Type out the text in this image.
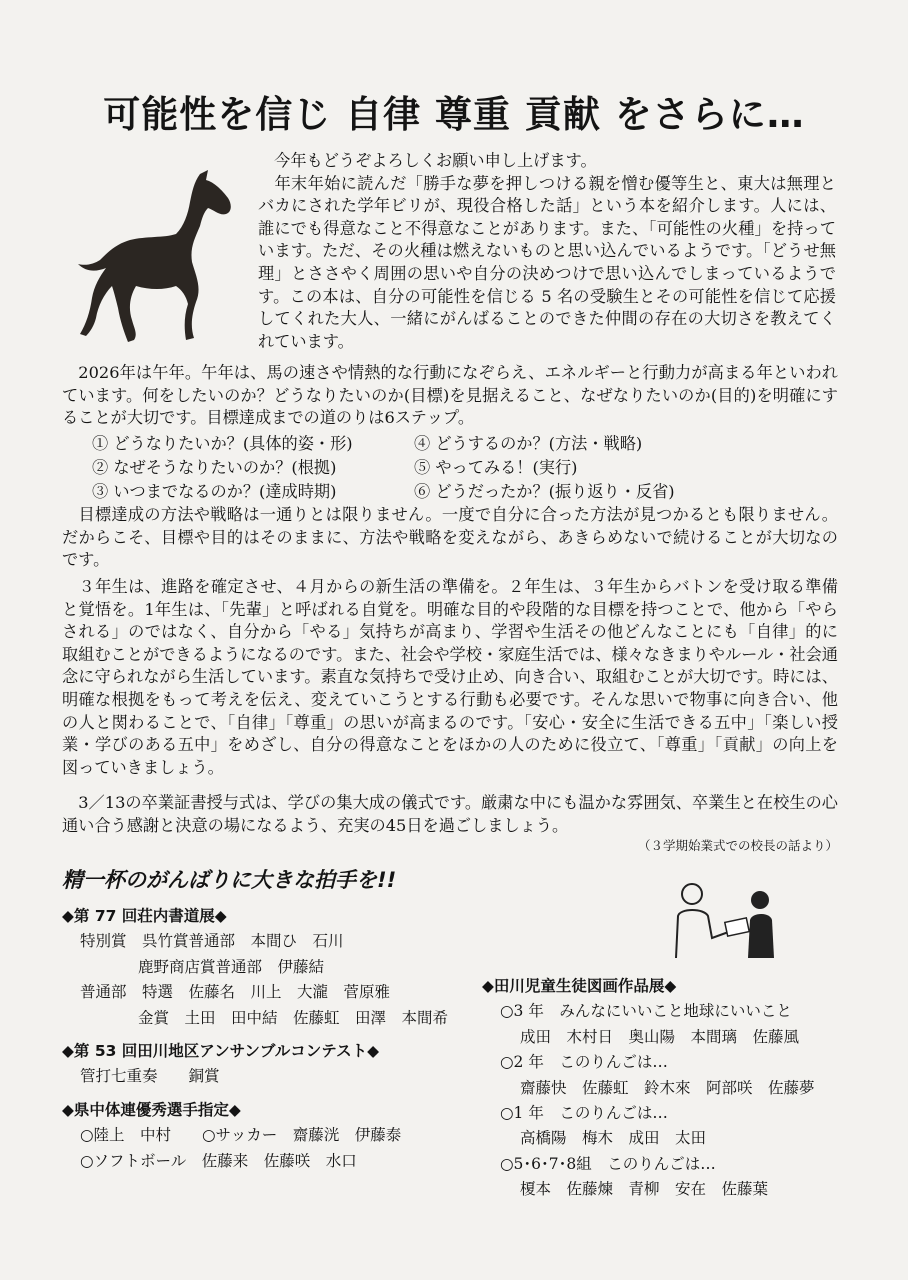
可能性を信じ 自律 尊重 貢献 をさらに…
　今年もどうぞよろしくお願い申し上げます。
　年末年始に読んだ「勝手な夢を押しつける親を憎む優等生と、東大は無理とバカにされた学年ビリが、現役合格した話」という本を紹介します。人には、誰にでも得意なこと不得意なことがあります。また、「可能性の火種」を持っています。ただ、その火種は燃えないものと思い込んでいるようです。「どうせ無理」とささやく周囲の思いや自分の決めつけで思い込んでしまっているようです。この本は、自分の可能性を信じる 5 名の受験生とその可能性を信じて応援してくれた大人、一緒にがんばることのできた仲間の存在の大切さを教えてくれています。

　2026年は午年。午年は、馬の速さや情熱的な行動になぞらえ、エネルギーと行動力が高まる年といわれています。何をしたいのか？どうなりたいのか(目標)を見据えること、なぜなりたいのか(目的)を明確にすることが大切です。目標達成までの道のりは6ステップ。

① どうなりたいか？(具体的姿・形)	④ どうするのか？(方法・戦略)
② なぜそうなりたいのか？(根拠)	⑤ やってみる！(実行)
③ いつまでなるのか？(達成時期)	⑥ どうだったか？(振り返り・反省)

　目標達成の方法や戦略は一通りとは限りません。一度で自分に合った方法が見つかるとも限りません。だからこそ、目標や目的はそのままに、方法や戦略を変えながら、あきらめないで続けることが大切なのです。

　３年生は、進路を確定させ、４月からの新生活の準備を。２年生は、３年生からバトンを受け取る準備と覚悟を。1年生は、「先輩」と呼ばれる自覚を。明確な目的や段階的な目標を持つことで、他から「やらされる」のではなく、自分から「やる」気持ちが高まり、学習や生活その他どんなことにも「自律」的に取組むことができるようになるのです。また、社会や学校・家庭生活では、様々なきまりやルール・社会通念に守られながら生活しています。素直な気持ちで受け止め、向き合い、取組むことが大切です。時には、明確な根拠をもって考えを伝え、変えていこうとする行動も必要です。そんな思いで物事に向き合い、他の人と関わることで、「自律」「尊重」の思いが高まるのです。「安心・安全に生活できる五中」「楽しい授業・学びのある五中」をめざし、自分の得意なことをほかの人のために役立て、「尊重」「貢献」の向上を図っていきましょう。

　3／13の卒業証書授与式は、学びの集大成の儀式です。厳粛な中にも温かな雰囲気、卒業生と在校生の心通い合う感謝と決意の場になるよう、充実の45日を過ごしましょう。

（３学期始業式での校長の話より）
精一杯のがんばりに大きな拍手を!!
◆第 77 回荘内書道展◆
特別賞　呉竹賞普通部　本間ひ　石川
鹿野商店賞普通部　伊藤結
普通部　特選　佐藤名　川上　大瀧　菅原雅
金賞　土田　田中結　佐藤虹　田澤　本間希
◆第 53 回田川地区アンサンブルコンテスト◆
管打七重奏　　銅賞
◆県中体連優秀選手指定◆
○陸上　中村　　○サッカー　齋藤洸　伊藤泰
○ソフトボール　佐藤来　佐藤咲　水口
◆田川児童生徒図画作品展◆
○3 年　みんなにいいこと地球にいいこと
成田　木村日　奥山陽　本間璃　佐藤風
○2 年　このりんごは…
齋藤快　佐藤虹　鈴木來　阿部咲　佐藤夢
○1 年　このりんごは…
高橋陽　梅木　成田　太田
○5･6･7･8組　このりんごは…
榎本　佐藤煉　青柳　安在　佐藤葉
